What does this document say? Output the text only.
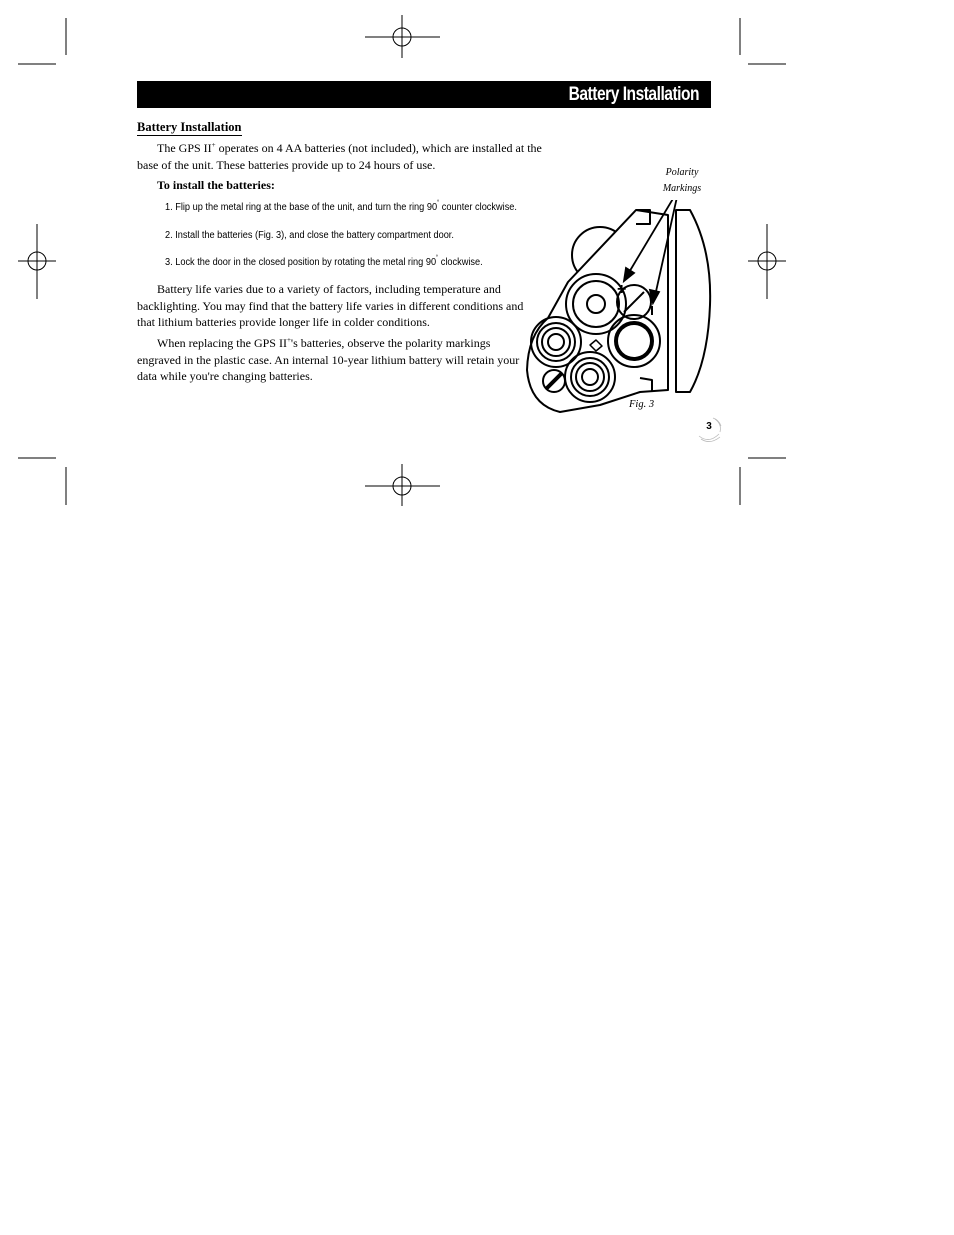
Battery Installation
Battery Installation

The GPS II+ operates on 4 AA batteries (not included), which are installed at the base of the unit. These batteries provide up to 24 hours of use.

To install the batteries:
1. Flip up the metal ring at the base of the unit, and turn the ring 90˚ counter clockwise.
2. Install the batteries (Fig. 3), and close the battery compartment door.
3. Lock the door in the closed position by rotating the metal ring 90˚ clockwise.

Battery life varies due to a variety of factors, including temperature and backlighting. You may find that the battery life varies in different conditions and that lithium batteries provide longer life in colder conditions.

When replacing the GPS II+'s batteries, observe the polarity markings engraved in the plastic case. An internal 10-year lithium battery will retain your data while you're changing batteries.

+
Polarity
Markings
Fig. 3
3
